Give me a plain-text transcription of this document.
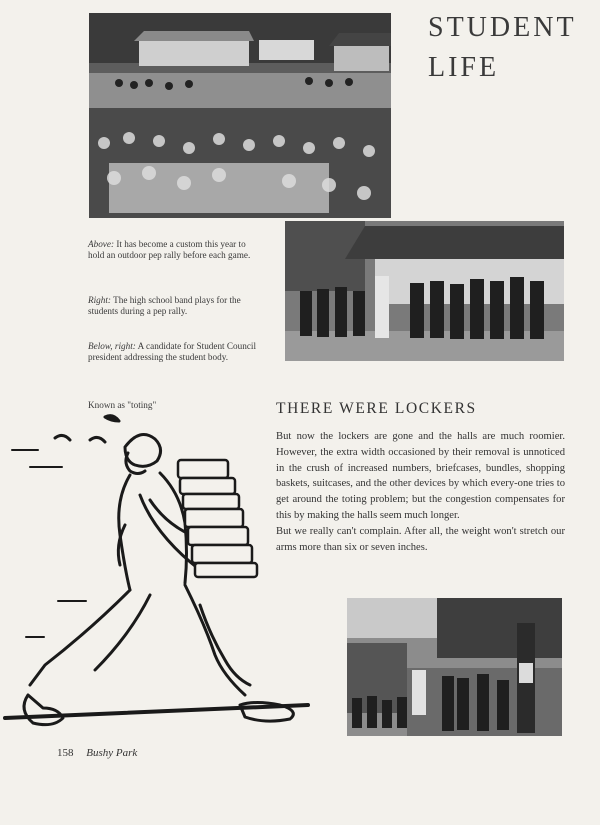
STUDENT
LIFE
Above: It has become a custom this year to hold an outdoor pep rally before each game.
Right: The high school band plays for the students during a pep rally.
Below, right: A candidate for Student Council president addressing the student body.
Known as "toting"	THERE WERE LOCKERS

But now the lockers are gone and the halls are much roomier. However, the extra width occasioned by their removal is unnoticed in the crush of increased numbers, briefcases, bundles, shopping baskets, suitcases, and the other devices by which every-one tries to get around the toting problem; but the congestion compensates for this by making the halls seem much longer.

But we really can't complain. After all, the weight won't stretch our arms more than six or seven inches.

158 Bushy Park
